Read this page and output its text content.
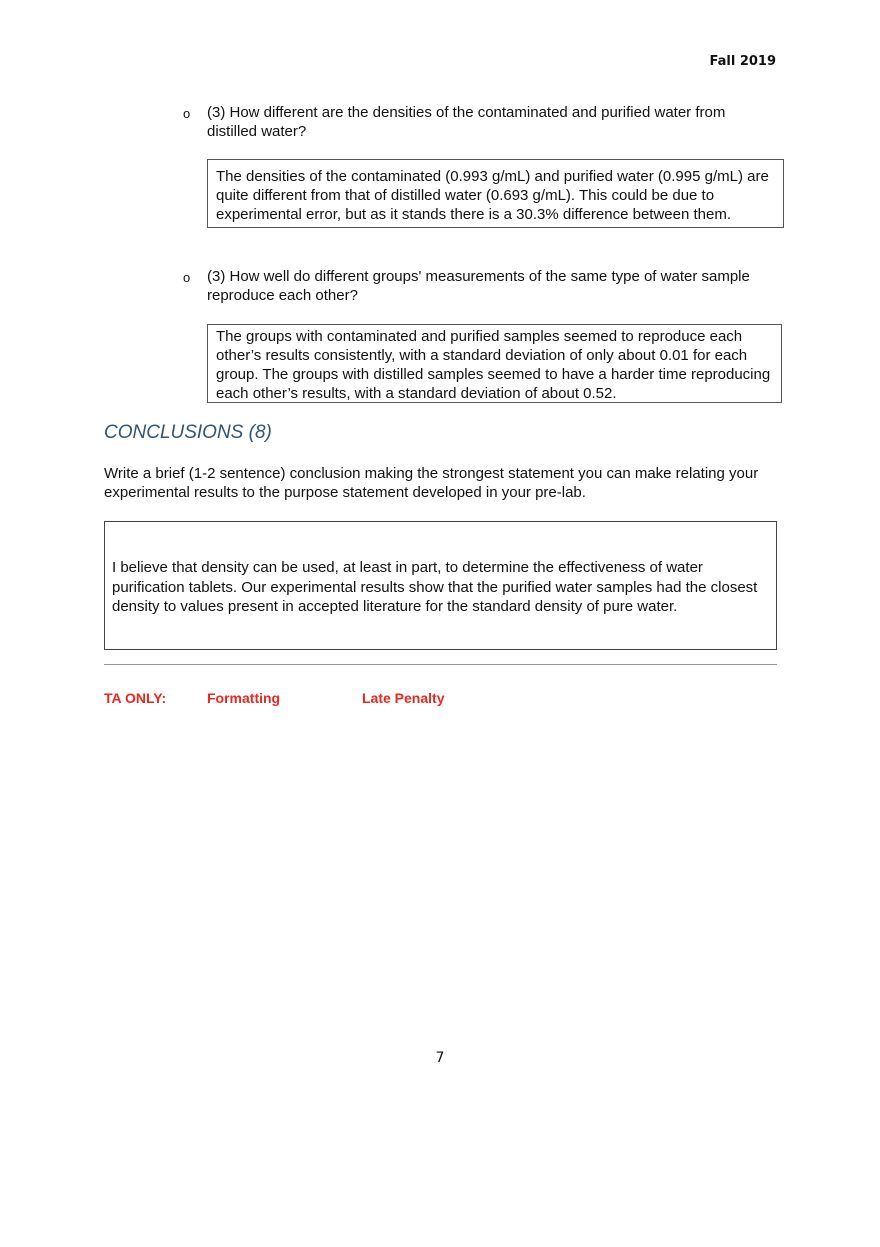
Fall 2019
o (3) How different are the densities of the contaminated and purified water from distilled water?
The densities of the contaminated (0.993 g/mL) and purified water (0.995 g/mL) are quite different from that of distilled water (0.693 g/mL). This could be due to experimental error, but as it stands there is a 30.3% difference between them.
o (3) How well do different groups' measurements of the same type of water sample reproduce each other?
The groups with contaminated and purified samples seemed to reproduce each other’s results consistently, with a standard deviation of only about 0.01 for each group. The groups with distilled samples seemed to have a harder time reproducing each other’s results, with a standard deviation of about 0.52.
CONCLUSIONS (8)
Write a brief (1-2 sentence) conclusion making the strongest statement you can make relating your experimental results to the purpose statement developed in your pre-lab.
I believe that density can be used, at least in part, to determine the effectiveness of water purification tablets. Our experimental results show that the purified water samples had the closest density to values present in accepted literature for the standard density of pure water.
TA ONLY:	Formatting	Late Penalty
7
